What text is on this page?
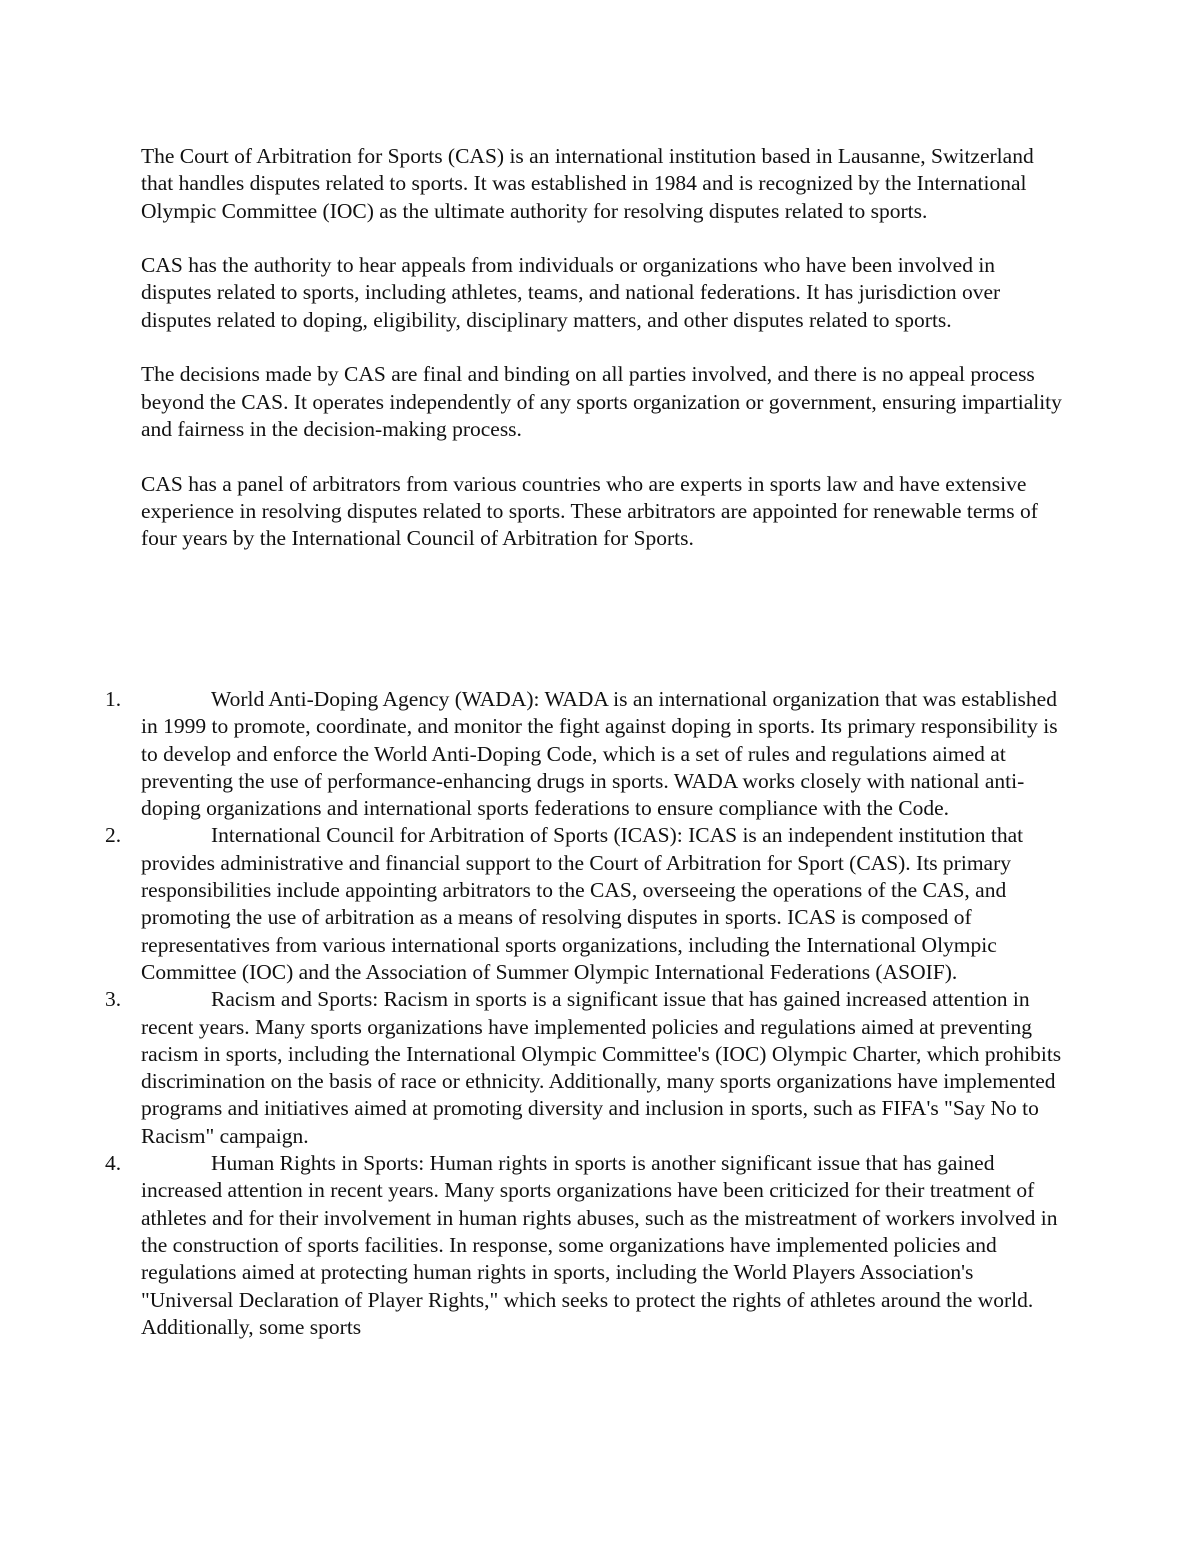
The Court of Arbitration for Sports (CAS) is an international institution based in Lausanne, Switzerland that handles disputes related to sports. It was established in 1984 and is recognized by the International Olympic Committee (IOC) as the ultimate authority for resolving disputes related to sports.

CAS has the authority to hear appeals from individuals or organizations who have been involved in disputes related to sports, including athletes, teams, and national federations. It has jurisdiction over disputes related to doping, eligibility, disciplinary matters, and other disputes related to sports.

The decisions made by CAS are final and binding on all parties involved, and there is no appeal process beyond the CAS. It operates independently of any sports organization or government, ensuring impartiality and fairness in the decision-making process.

CAS has a panel of arbitrators from various countries who are experts in sports law and have extensive experience in resolving disputes related to sports. These arbitrators are appointed for renewable terms of four years by the International Council of Arbitration for Sports.

1.	World Anti-Doping Agency (WADA): WADA is an international organization that was established in 1999 to promote, coordinate, and monitor the fight against doping in sports. Its primary responsibility is to develop and enforce the World Anti-Doping Code, which is a set of rules and regulations aimed at preventing the use of performance-enhancing drugs in sports. WADA works closely with national anti-doping organizations and international sports federations to ensure compliance with the Code.
2.	International Council for Arbitration of Sports (ICAS): ICAS is an independent institution that provides administrative and financial support to the Court of Arbitration for Sport (CAS). Its primary responsibilities include appointing arbitrators to the CAS, overseeing the operations of the CAS, and promoting the use of arbitration as a means of resolving disputes in sports. ICAS is composed of representatives from various international sports organizations, including the International Olympic Committee (IOC) and the Association of Summer Olympic International Federations (ASOIF).
3.	Racism and Sports: Racism in sports is a significant issue that has gained increased attention in recent years. Many sports organizations have implemented policies and regulations aimed at preventing racism in sports, including the International Olympic Committee's (IOC) Olympic Charter, which prohibits discrimination on the basis of race or ethnicity. Additionally, many sports organizations have implemented programs and initiatives aimed at promoting diversity and inclusion in sports, such as FIFA's "Say No to Racism" campaign.
4.	Human Rights in Sports: Human rights in sports is another significant issue that has gained increased attention in recent years. Many sports organizations have been criticized for their treatment of athletes and for their involvement in human rights abuses, such as the mistreatment of workers involved in the construction of sports facilities. In response, some organizations have implemented policies and regulations aimed at protecting human rights in sports, including the World Players Association's "Universal Declaration of Player Rights," which seeks to protect the rights of athletes around the world. Additionally, some sports
